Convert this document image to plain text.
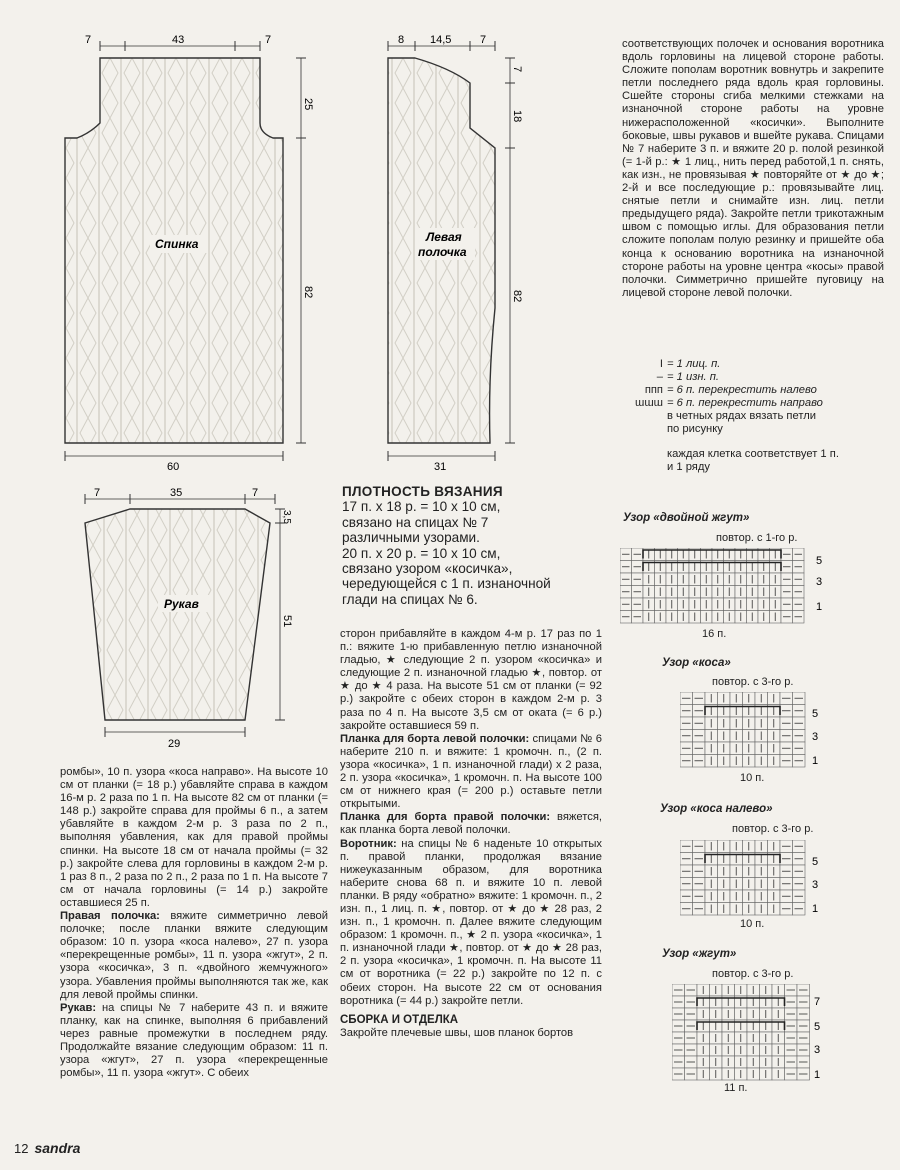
7	43	7
25
82
60
Спинка
8 14,5	7
7
18
82
31
Левая
полочка
7	35	7
3,5
51
29
Рукав
ПЛОТНОСТЬ ВЯЗАНИЯ
17 п. x 18 р. = 10 x 10 см,
связано на спицах № 7
различными узорами.
20 п. x 20 р. = 10 x 10 см,
связано узором «косичка»,
чередующейся с 1 п. изнаночной
глади на спицах № 6.
ромбы», 10 п. узора «коса направо». На высоте 10 см от планки (= 18 р.) убавляйте справа в каждом 16-м р. 2 раза по 1 п. На высоте 82 см от планки (= 148 р.) закройте справа для проймы 6 п., а затем убавляйте в каждом 2-м р. 3 раза по 2 п., выполняя убавления, как для правой проймы спинки. На высоте 18 см от начала проймы (= 32 р.) закройте слева для горловины в каждом 2-м р. 1 раз 8 п., 2 раза по 2 п., 2 раза по 1 п. На высоте 7 см от начала горловины (= 14 р.) закройте оставшиеся 25 п.
Правая полочка: вяжите симметрично левой полочке; после планки вяжите следующим образом: 10 п. узора «коса налево», 27 п. узора «перекрещенные ромбы», 11 п. узора «жгут», 2 п. узора «косичка», 3 п. «двойного жемчужного» узора. Убавления проймы выполняются так же, как для левой проймы спинки.
Рукав: на спицы № 7 наберите 43 п. и вяжите планку, как на спинке, выполняя 6 прибавлений через равные промежутки в последнем ряду. Продолжайте вязание следующим образом: 11 п. узора «жгут», 27 п. узора «перекрещенные ромбы», 11 п. узора «жгут». С обеих
сторон прибавляйте в каждом 4-м р. 17 раз по 1 п.: вяжите 1-ю прибавленную петлю изнаночной гладью, ★ следующие 2 п. узором «косичка» и следующие 2 п. изнаночной гладью ★, повтор. от ★ до ★ 4 раза. На высоте 51 см от планки (= 92 р.) закройте с обеих сторон в каждом 2-м р. 3 раза по 4 п. На высоте 3,5 см от оката (= 6 р.) закройте оставшиеся 59 п.
Планка для борта левой полочки: спицами № 6 наберите 210 п. и вяжите: 1 кромочн. п., (2 п. узора «косичка», 1 п. изнаночной глади) x 2 раза, 2 п. узора «косичка», 1 кромочн. п. На высоте 100 см от нижнего края (= 200 р.) оставьте петли открытыми.
Планка для борта правой полочки: вяжется, как планка борта левой полочки.
Воротник: на спицы № 6 наденьте 10 открытых п. правой планки, продолжая вязание нижеуказанным образом, для воротника наберите снова 68 п. и вяжите 10 п. левой планки. В ряду «обратно» вяжите: 1 кромочн. п., 2 изн. п., 1 лиц. п. ★, повтор. от ★ до ★ 28 раз, 2 изн. п., 1 кромочн. п. Далее вяжите следующим образом: 1 кромочн. п., ★ 2 п. узора «косичка», 1 п. изнаночной глади ★, повтор. от ★ до ★ 28 раз, 2 п. узора «косичка», 1 кромочн. п. На высоте 11 см от воротника (= 22 р.) закройте по 12 п. с обеих сторон. На высоте 22 см от основания воротника (= 44 р.) закройте петли.
СБОРКА И ОТДЕЛКА
Закройте плечевые швы, шов планок бортов
соответствующих полочек и основания воротника вдоль горловины на лицевой стороне работы. Сложите пополам воротник вовнутрь и закрепите петли последнего ряда вдоль края горловины. Сшейте стороны сгиба мелкими стежками на изнаночной стороне работы на уровне нижерасположенной «косички». Выполните боковые, швы рукавов и вшейте рукава. Спицами № 7 наберите 3 п. и вяжите 20 р. полой резинкой (= 1-й р.: ★ 1 лиц., нить перед работой,1 п. снять, как изн., не провязывая ★ повторяйте от ★ до ★; 2-й и все последующие р.: провязывайте лиц. снятые петли и снимайте изн. лиц. петли предыдущего ряда). Закройте петли трикотажным швом с помощью иглы. Для образования петли сложите пополам полую резинку и пришейте оба конца к основанию воротника на изнаночной стороне работы на уровне центра «косы» правой полочки. Симметрично пришейте пуговицу на лицевой стороне левой полочки.
I = 1 лиц. п.
– = 1 изн. п.
ᴨᴨᴨ = 6 п. перекрестить налево
ɯɯɯ = 6 п. перекрестить направо
в четных рядах вязать петли
по рисунку
каждая клетка соответствует 1 п.
и 1 ряду
Узор «двойной жгут»
повтор. с 1-го р.
5
3
1
16 п.
Узор «коса»
повтор. с 3-го р.
5
3
1
10 п.
Узор «коса налево»
повтор. с 3-го р.
5
3
1
10 п.
Узор «жгут»
повтор. с 3-го р.
7
5
3
1
11 п.
12 sandra
